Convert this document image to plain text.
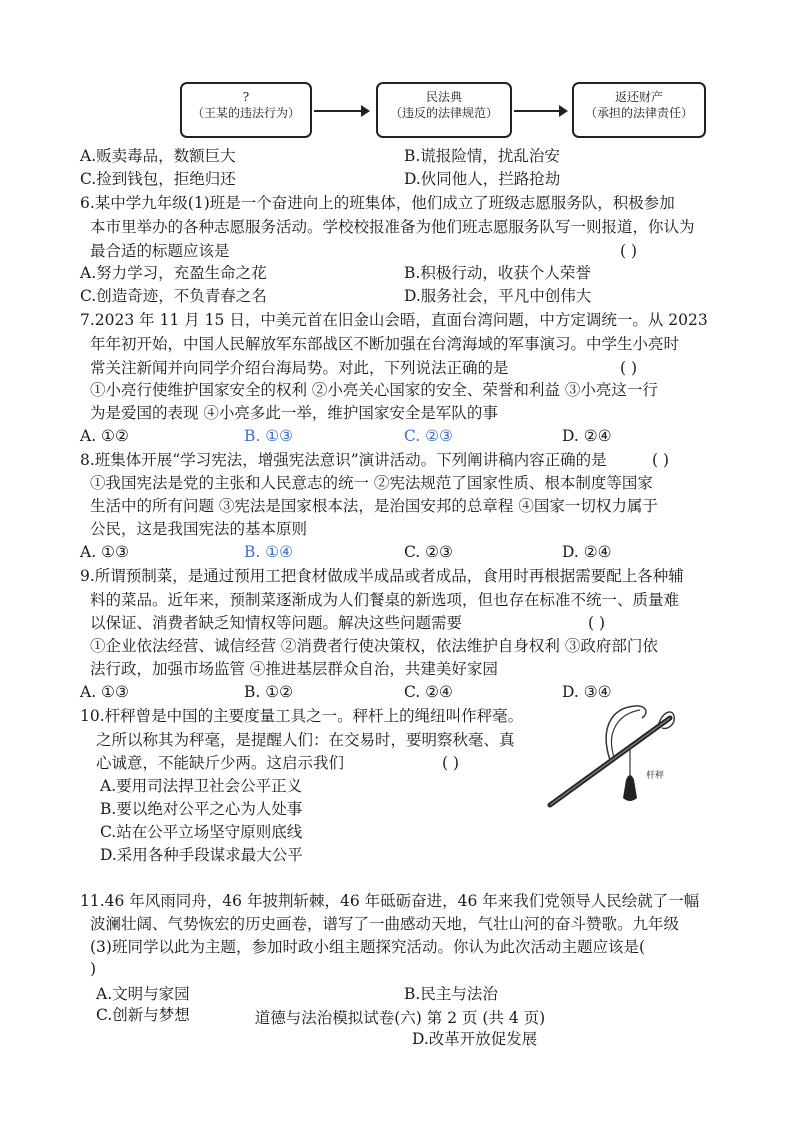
?
（王某的违法行为）
民法典
（违反的法律规范）
返还财产
（承担的法律责任）
A.贩卖毒品，数额巨大	B.谎报险情，扰乱治安
C.捡到钱包，拒绝归还	D.伙同他人，拦路抢劫
6.某中学九年级(1)班是一个奋进向上的班集体，他们成立了班级志愿服务队，积极参加
本市里举办的各种志愿服务活动。学校校报准备为他们班志愿服务队写一则报道，你认为
最合适的标题应该是	( )
A.努力学习，充盈生命之花	B.积极行动，收获个人荣誉
C.创造奇迹，不负青春之名	D.服务社会，平凡中创伟大
7.2023 年 11 月 15 日，中美元首在旧金山会晤，直面台湾问题，中方定调统一。从 2023
年年初开始，中国人民解放军东部战区不断加强在台湾海域的军事演习。中学生小亮时
常关注新闻并向同学介绍台海局势。对此，下列说法正确的是	( )
①小亮行使维护国家安全的权利 ②小亮关心国家的安全、荣誉和利益 ③小亮这一行
为是爱国的表现 ④小亮多此一举，维护国家安全是军队的事
A. ①②	B. ①③	C. ②③	D. ②④
8.班集体开展“学习宪法，增强宪法意识”演讲活动。下列阐讲稿内容正确的是	( )
①我国宪法是党的主张和人民意志的统一 ②宪法规范了国家性质、根本制度等国家
生活中的所有问题 ③宪法是国家根本法，是治国安邦的总章程 ④国家一切权力属于
公民，这是我国宪法的基本原则
A. ①③	B. ①④	C. ②③	D. ②④
9.所谓预制菜，是通过预用工把食材做成半成品或者成品，食用时再根据需要配上各种辅
料的菜品。近年来，预制菜逐渐成为人们餐桌的新选项，但也存在标准不统一、质量难
以保证、消费者缺乏知情权等问题。解决这些问题需要	( )
①企业依法经营、诚信经营 ②消费者行使决策权，依法维护自身权利 ③政府部门依
法行政，加强市场监管 ④推进基层群众自治，共建美好家园
A. ①③	B. ①②	C. ②④	D. ③④
10.杆秤曾是中国的主要度量工具之一。秤杆上的绳纽叫作秤毫。
之所以称其为秤毫，是提醒人们：在交易时，要明察秋毫、真
心诚意，不能缺斤少两。这启示我们	( )
A.要用司法捍卫社会公平正义
B.要以绝对公平之心为人处事
C.站在公平立场坚守原则底线
D.采用各种手段谋求最大公平
杆秤
11.46 年风雨同舟，46 年披荆斩棘，46 年砥砺奋进，46 年来我们党领导人民绘就了一幅
波澜壮阔、气势恢宏的历史画卷，谱写了一曲感动天地，气壮山河的奋斗赞歌。九年级
(3)班同学以此为主题，参加时政小组主题探究活动。你认为此次活动主题应该是(
)
A.文明与家园	B.民主与法治
C.创新与梦想
D.改革开放促发展
道德与法治模拟试卷(六) 第 2 页 (共 4 页)
